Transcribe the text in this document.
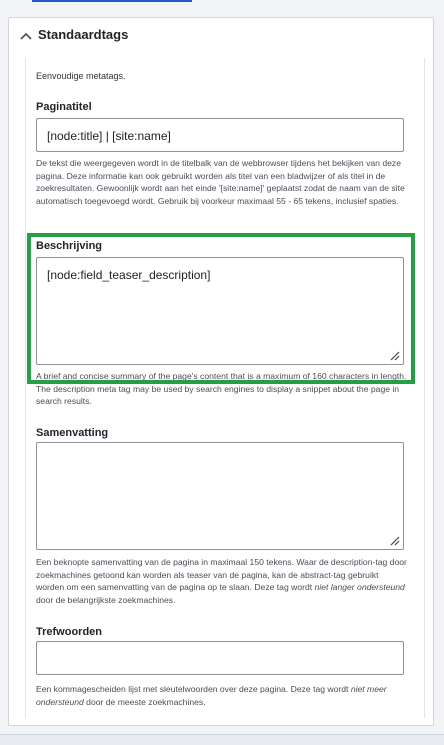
Standaardtags
Eenvoudige metatags.
Paginatitel
[node:title] | [site:name]
De tekst die weergegeven wordt in de titelbalk van de webbrowser tijdens het bekijken van deze pagina. Deze informatie kan ook gebruikt worden als titel van een bladwijzer of als titel in de zoekresultaten. Gewoonlijk wordt aan het einde '[site:name]' geplaatst zodat de naam van de site automatisch toegevoegd wordt. Gebruik bij voorkeur maximaal 55 - 65 tekens, inclusief spaties.
Beschrijving
[node:field_teaser_description]
A brief and concise summary of the page's content that is a maximum of 160 characters in length. The description meta tag may be used by search engines to display a snippet about the page in search results.
Samenvatting
Een beknopte samenvatting van de pagina in maximaal 150 tekens. Waar de description-tag door zoekmachines getoond kan worden als teaser van de pagina, kan de abstract-tag gebruikt worden om een samenvatting van de pagina op te slaan. Deze tag wordt niet langer ondersteund door de belangrijkste zoekmachines.
Trefwoorden
Een kommagescheiden lijst met sleutelwoorden over deze pagina. Deze tag wordt niet meer ondersteund door de meeste zoekmachines.
